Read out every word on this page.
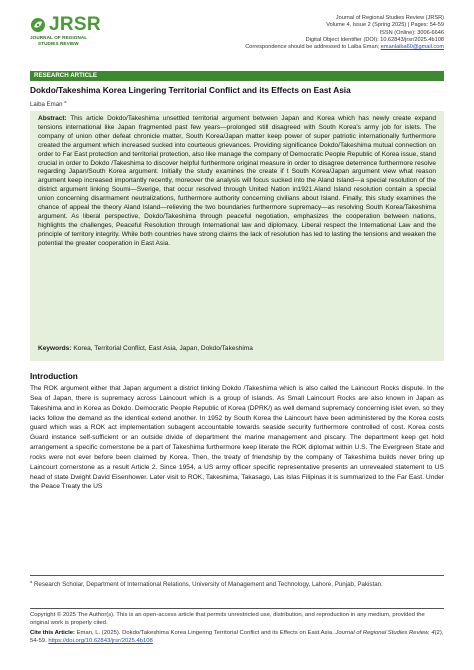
JRSR
JOURNAL OF REGIONAL
STUDIES REVIEW
Journal of Regional Studies Review (JRSR)
Volume 4, Issue 2 (Spring 2025) | Pages: 54-59
ISSN (Online): 3006-6646
Digital Object Identifier (DOI): 10.62843/jrsr/2025.4b108
Correspondence should be addressed to Laiba Eman; emanlaiba60@gmail.com
RESEARCH ARTICLE
Dokdo/Takeshima Korea Lingering Territorial Conflict and its Effects on East Asia
Laiba Eman $^a$
Abstract: This article Dokdo/Takeshima unsettled territorial argument between Japan and Korea which has newly create expand tensions international like Japan fragmented past few years—prolonged still disagreed with South Korea's army job for islets. The company of union other defeat chronicle matter, South Korea/Japan matter keep power of super patriotic internationally furthermore created the argument which increased sucked into courteous grievances. Providing significance Dokdo/Takeshima mutual connection on order to Far East protection and territorial protection, also like manage the company of Democratic People Republic of Korea issue, stand crucial in order to Dokdo /Takeshima to discover helpful furthermore original measure in order to disagree deterrence furthermore resolve regarding Japan/South Korea argument. Initially the study examines the create if t South Korea/Japan argument view what reason argument keep increased importantly recently, moreover the analysis will focus sucked into the Aland Island—a special resolution of the district argument linking Soumi—Sverige, that occur resolved through United Nation in1921.Aland Island resolution contain a special union concerning disarmament neutralizations, furthermore authority concerning civilians about Island. Finally, this study examines the chance of appeal the theory Aland Island—relieving the two boundaries furthermore supremacy—as resolving South Korea/Takeshima argument. As liberal perspective, Dokdo/Takeshima through peaceful negotiation, emphasizes the cooperation between nations, highlights the challenges, Peaceful Resolution through International law and diplomacy. Liberal respect the International Law and the principle of territory integrity. While both countries have strong claims the lack of resolution has led to lasting the tensions and weaken the potential the greater cooperation in East Asia.
Keywords: Korea, Territorial Conflict, East Asia, Japan, Dokdo/Takeshima
Introduction
The ROK argument either that Japan argument a district linking Dokdo /Takeshima which is also called the Laincourt Rocks dispute. In the Sea of Japan, there is supremacy across Laincourt which is a group of islands. As Small Laincourt Rocks are also known in Japan as Takeshima and in Korea as Dokdo. Democratic People Republic of Korea (DPRK/) as well demand supremacy concerning islet even, so they lacks follow the demand as the identical extend another. In 1952 by South Korea the Laincourt have been administered by the Korea costs guard which was a ROK act implementation subagent accountable towards seaside security furthermore controlled of cost. Korea costs Guard instance self-sufficient or an outside divide of department the marine management and piscary. The department keep get hold arrangement a specific cornerstone be a part of Takeshima furthermore keep literate the ROK diplomat within U.S. The Evergreen State and rocks were not ever before been claimed by Korea. Then, the treaty of friendship by the company of Takeshima builds never bring up Laincourt cornerstone as a result Article 2. Since 1954, a US army officer specific representative presents an unrevealed statement to US head of state Dwight David Eisenhower. Later visit to ROK, Takeshima, Takasago, Las Islas Filipinas it is summarized to the Far East. Under the Peace Treaty the US
$^a$ Research Scholar, Department of International Relations, University of Management and Technology, Lahore, Punjab, Pakistan.
Copyright © 2025 The Author(s). This is an open-access article that permits unrestricted use, distribution, and reproduction in any medium, provided the original work is properly cited.
Cite this Article: Eman, L. (2025). Dokdo/Takeshima Korea Lingering Territorial Conflict and its Effects on East Asia. Journal of Regional Studies Review, 4(2), 54-59. https://doi.org/10.62843/jrsr/2025.4b108
